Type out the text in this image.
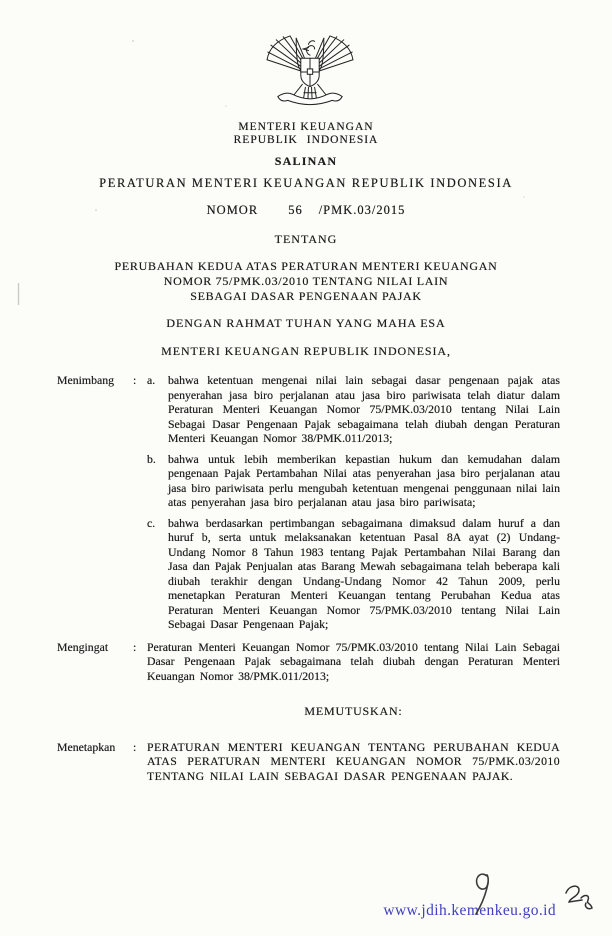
MENTERI KEUANGAN
REPUBLIK INDONESIA
SALINAN
PERATURAN MENTERI KEUANGAN REPUBLIK INDONESIA
NOMOR 56 /PMK.03/2015
TENTANG
PERUBAHAN KEDUA ATAS PERATURAN MENTERI KEUANGAN
NOMOR 75/PMK.03/2010 TENTANG NILAI LAIN
SEBAGAI DASAR PENGENAAN PAJAK
DENGAN RAHMAT TUHAN YANG MAHA ESA
MENTERI KEUANGAN REPUBLIK INDONESIA,
Menimbang	: a.	bahwa ketentuan mengenai nilai lain sebagai dasar pengenaan pajak atas penyerahan jasa biro perjalanan atau jasa biro pariwisata telah diatur dalam Peraturan Menteri Keuangan Nomor 75/PMK.03/2010 tentang Nilai Lain Sebagai Dasar Pengenaan Pajak sebagaimana telah diubah dengan Peraturan Menteri Keuangan Nomor 38/PMK.011/2013;
b.	bahwa untuk lebih memberikan kepastian hukum dan kemudahan dalam pengenaan Pajak Pertambahan Nilai atas penyerahan jasa biro perjalanan atau jasa biro pariwisata perlu mengubah ketentuan mengenai penggunaan nilai lain atas penyerahan jasa biro perjalanan atau jasa biro pariwisata;
c.	bahwa berdasarkan pertimbangan sebagaimana dimaksud dalam huruf a dan huruf b, serta untuk melaksanakan ketentuan Pasal 8A ayat (2) Undang-Undang Nomor 8 Tahun 1983 tentang Pajak Pertambahan Nilai Barang dan Jasa dan Pajak Penjualan atas Barang Mewah sebagaimana telah beberapa kali diubah terakhir dengan Undang-Undang Nomor 42 Tahun 2009, perlu menetapkan Peraturan Menteri Keuangan tentang Perubahan Kedua atas Peraturan Menteri Keuangan Nomor 75/PMK.03/2010 tentang Nilai Lain Sebagai Dasar Pengenaan Pajak;
Mengingat	: Peraturan Menteri Keuangan Nomor 75/PMK.03/2010 tentang Nilai Lain Sebagai Dasar Pengenaan Pajak sebagaimana telah diubah dengan Peraturan Menteri Keuangan Nomor 38/PMK.011/2013;
MEMUTUSKAN:
Menetapkan	: PERATURAN MENTERI KEUANGAN TENTANG PERUBAHAN KEDUA ATAS PERATURAN MENTERI KEUANGAN NOMOR 75/PMK.03/2010 TENTANG NILAI LAIN SEBAGAI DASAR PENGENAAN PAJAK.
www.jdih.kemenkeu.go.id
